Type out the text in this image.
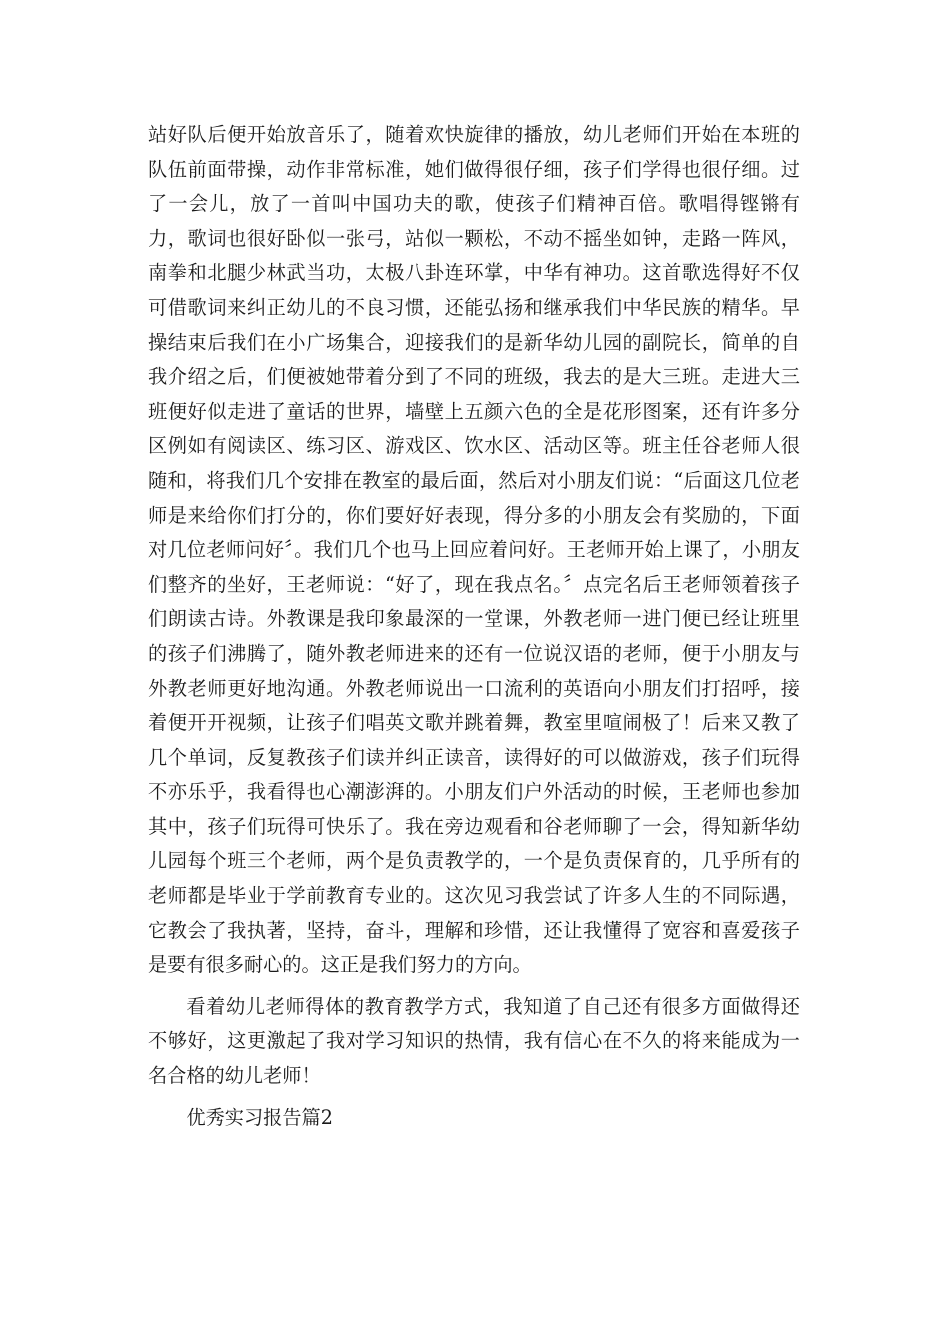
站好队后便开始放音乐了，随着欢快旋律的播放，幼儿老师们开始在本班的队伍前面带操，动作非常标准，她们做得很仔细，孩子们学得也很仔细。过了一会儿，放了一首叫中国功夫的歌，使孩子们精神百倍。歌唱得铿锵有力，歌词也很好卧似一张弓，站似一颗松，不动不摇坐如钟，走路一阵风，南拳和北腿少林武当功，太极八卦连环掌，中华有神功。这首歌选得好不仅可借歌词来纠正幼儿的不良习惯，还能弘扬和继承我们中华民族的精华。早操结束后我们在小广场集合，迎接我们的是新华幼儿园的副院长，简单的自我介绍之后，们便被她带着分到了不同的班级，我去的是大三班。走进大三班便好似走进了童话的世界，墙壁上五颜六色的全是花形图案，还有许多分区例如有阅读区、练习区、游戏区、饮水区、活动区等。班主任谷老师人很随和，将我们几个安排在教室的最后面，然后对小朋友们说：“后面这几位老师是来给你们打分的，你们要好好表现，得分多的小朋友会有奖励的，下面对几位老师问好〞。我们几个也马上回应着问好。王老师开始上课了，小朋友们整齐的坐好，王老师说：“好了，现在我点名。〞点完名后王老师领着孩子们朗读古诗。外教课是我印象最深的一堂课，外教老师一进门便已经让班里的孩子们沸腾了，随外教老师进来的还有一位说汉语的老师，便于小朋友与外教老师更好地沟通。外教老师说出一口流利的英语向小朋友们打招呼，接着便开开视频，让孩子们唱英文歌并跳着舞，教室里喧闹极了！后来又教了几个单词，反复教孩子们读并纠正读音，读得好的可以做游戏，孩子们玩得不亦乐乎，我看得也心潮澎湃的。小朋友们户外活动的时候，王老师也参加其中，孩子们玩得可快乐了。我在旁边观看和谷老师聊了一会，得知新华幼儿园每个班三个老师，两个是负责教学的，一个是负责保育的，几乎所有的老师都是毕业于学前教育专业的。这次见习我尝试了许多人生的不同际遇，它教会了我执著，坚持，奋斗，理解和珍惜，还让我懂得了宽容和喜爱孩子是要有很多耐心的。这正是我们努力的方向。

看着幼儿老师得体的教育教学方式，我知道了自己还有很多方面做得还不够好，这更激起了我对学习知识的热情，我有信心在不久的将来能成为一名合格的幼儿老师！

优秀实习报告篇2
